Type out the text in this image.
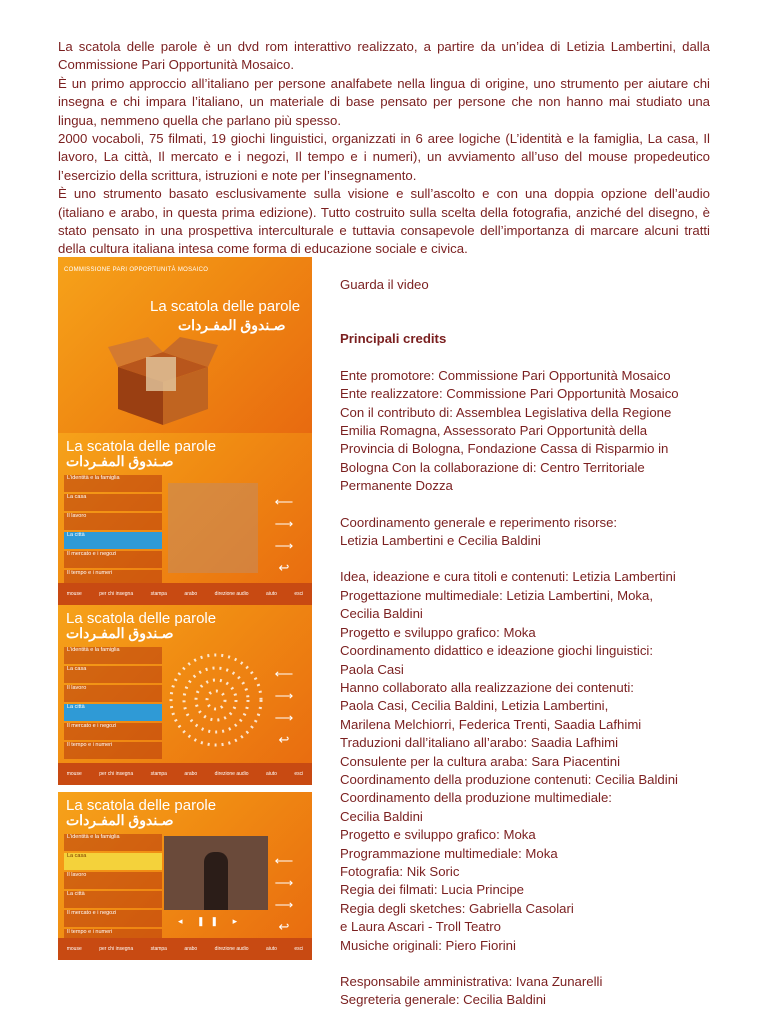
La scatola delle parole è un dvd rom interattivo realizzato, a partire da un’idea di Letizia Lambertini, dalla Commissione Pari Opportunità Mosaico.

È un primo approccio all’italiano per persone analfabete nella lingua di origine, uno strumento per aiutare chi insegna e chi impara l’italiano, un materiale di base pensato per persone che non hanno mai studiato una lingua, nemmeno quella che parlano più spesso.

2000 vocaboli, 75 filmati, 19 giochi linguistici, organizzati in 6 aree logiche (L’identità e la famiglia, La casa, Il lavoro, La città, Il mercato e i negozi, Il tempo e i numeri), un avviamento all’uso del mouse propedeutico l’esercizio della scrittura, istruzioni e note per l’insegnamento.

È uno strumento basato esclusivamente sulla visione e sull’ascolto e con una doppia opzione dell’audio (italiano e arabo, in questa prima edizione). Tutto costruito sulla scelta della fotografia, anziché del disegno, è stato pensato in una prospettiva interculturale e tuttavia consapevole dell’importanza di marcare alcuni tratti della cultura italiana intesa come forma di educazione sociale e civica.

COMMISSIONE PARI OPPORTUNITÀ MOSAICO
La scatola delle parole
صـندوق المفـردات
La scatola delle parole
صـندوق المفـردات
L’identità e la famiglia
La casa
Il lavoro
La città
Il mercato e i negozi
Il tempo e i numeri
⟵
⟶
⟶
↩
mouse	per chi insegna	stampa	arabo	direzione audio	aiuto	esci
La scatola delle parole
صـندوق المفـردات
L’identità e la famiglia
La casa
Il lavoro
La città
Il mercato e i negozi
Il tempo e i numeri
⟵
⟶
⟶
↩
mouse	per chi insegna	stampa	arabo	direzione audio	aiuto	esci
La scatola delle parole
صـندوق المفـردات
L’identità e la famiglia
La casa
Il lavoro
La città
Il mercato e i negozi
Il tempo e i numeri
◂ ❚❚ ▸
⟵
⟶
⟶
↩
mouse	per chi insegna	stampa	arabo	direzione audio	aiuto	esci

Guarda il video

Principali credits

Ente promotore: Commissione Pari Opportunità Mosaico

Ente realizzatore: Commissione Pari Opportunità Mosaico

Con il contributo di: Assemblea Legislativa della Regione

Emilia Romagna, Assessorato Pari Opportunità della

Provincia di Bologna, Fondazione Cassa di Risparmio in

Bologna Con la collaborazione di: Centro Territoriale

Permanente Dozza

Coordinamento generale e reperimento risorse:

Letizia Lambertini e Cecilia Baldini

Idea, ideazione e cura titoli e contenuti: Letizia Lambertini

Progettazione multimediale: Letizia Lambertini, Moka,

Cecilia Baldini

Progetto e sviluppo grafico: Moka

Coordinamento didattico e ideazione giochi linguistici:

Paola Casi

Hanno collaborato alla realizzazione dei contenuti:

Paola Casi, Cecilia Baldini, Letizia Lambertini,

Marilena Melchiorri, Federica Trenti, Saadia Lafhimi

Traduzioni dall’italiano all’arabo: Saadia Lafhimi

Consulente per la cultura araba: Sara Piacentini

Coordinamento della produzione contenuti: Cecilia Baldini

Coordinamento della produzione multimediale:

Cecilia Baldini

Progetto e sviluppo grafico: Moka

Programmazione multimediale: Moka

Fotografia: Nik Soric

Regia dei filmati: Lucia Principe

Regia degli sketches: Gabriella Casolari

e Laura Ascari - Troll Teatro

Musiche originali: Piero Fiorini

Responsabile amministrativa: Ivana Zunarelli

Segreteria generale: Cecilia Baldini
